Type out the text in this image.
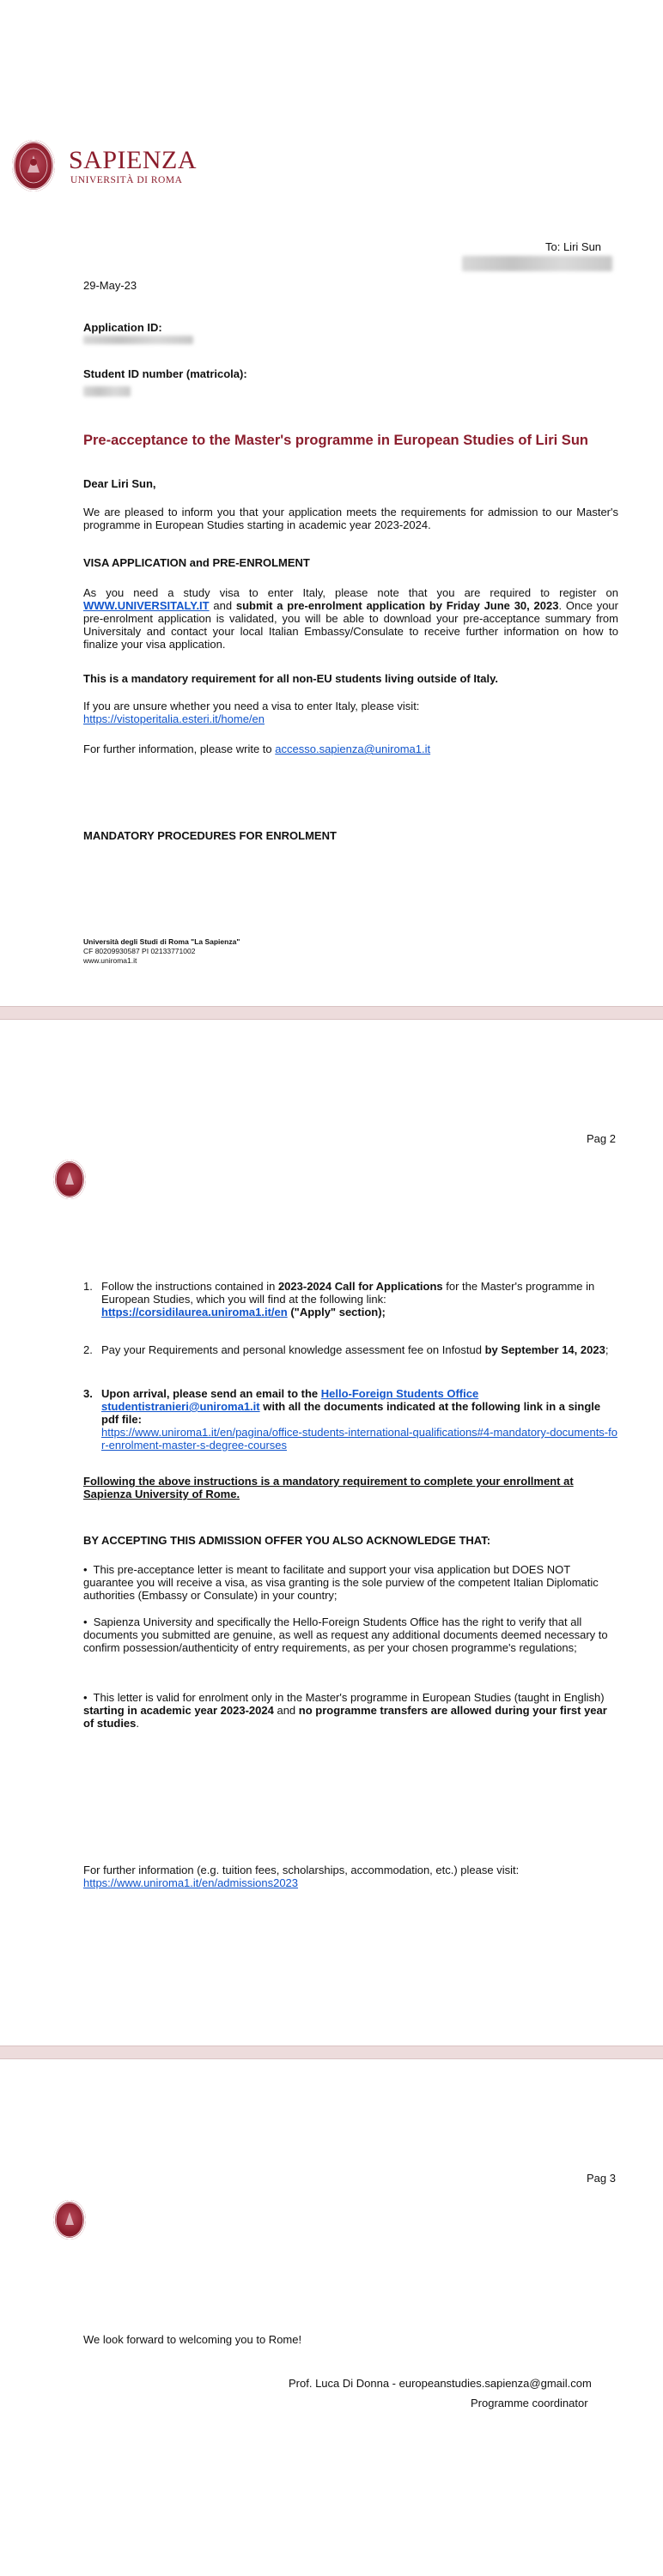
SAPIENZA
UNIVERSITÀ DI ROMA
To: Liri Sun
29-May-23
Application ID:
Student ID number (matricola):
Pre-acceptance to the Master's programme in European Studies of Liri Sun
Dear Liri Sun,
We are pleased to inform you that your application meets the requirements for admission to our Master's programme in European Studies starting in academic year 2023-2024.
VISA APPLICATION and PRE-ENROLMENT
As you need a study visa to enter Italy, please note that you are required to register on WWW.UNIVERSITALY.IT and submit a pre-enrolment application by Friday June 30, 2023. Once your pre-enrolment application is validated, you will be able to download your pre-acceptance summary from Universitaly and contact your local Italian Embassy/Consulate to receive further information on how to finalize your visa application.
This is a mandatory requirement for all non-EU students living outside of Italy.
If you are unsure whether you need a visa to enter Italy, please visit:
https://vistoperitalia.esteri.it/home/en
For further information, please write to accesso.sapienza@uniroma1.it
MANDATORY PROCEDURES FOR ENROLMENT
Università degli Studi di Roma "La Sapienza"
CF 80209930587 PI 02133771002
www.uniroma1.it
Pag 2
1. Follow the instructions contained in 2023-2024 Call for Applications for the Master's programme in European Studies, which you will find at the following link:
https://corsidilaurea.uniroma1.it/en ("Apply" section);
2. Pay your Requirements and personal knowledge assessment fee on Infostud by September 14, 2023;
3. Upon arrival, please send an email to the Hello-Foreign Students Office studentistranieri@uniroma1.it with all the documents indicated at the following link in a single pdf file:
https://www.uniroma1.it/en/pagina/office-students-international-qualifications#4-mandatory-documents-for-enrolment-master-s-degree-courses
Following the above instructions is a mandatory requirement to complete your enrollment at Sapienza University of Rome.
BY ACCEPTING THIS ADMISSION OFFER YOU ALSO ACKNOWLEDGE THAT:
•  This pre-acceptance letter is meant to facilitate and support your visa application but DOES NOT guarantee you will receive a visa, as visa granting is the sole purview of the competent Italian Diplomatic authorities (Embassy or Consulate) in your country;
•  Sapienza University and specifically the Hello-Foreign Students Office has the right to verify that all documents you submitted are genuine, as well as request any additional documents deemed necessary to confirm possession/authenticity of entry requirements, as per your chosen programme's regulations;
•  This letter is valid for enrolment only in the Master's programme in European Studies (taught in English) starting in academic year 2023-2024 and no programme transfers are allowed during your first year of studies.
For further information (e.g. tuition fees, scholarships, accommodation, etc.) please visit:
https://www.uniroma1.it/en/admissions2023
Pag 3
We look forward to welcoming you to Rome!
Prof. Luca Di Donna - europeanstudies.sapienza@gmail.com
Programme coordinator
